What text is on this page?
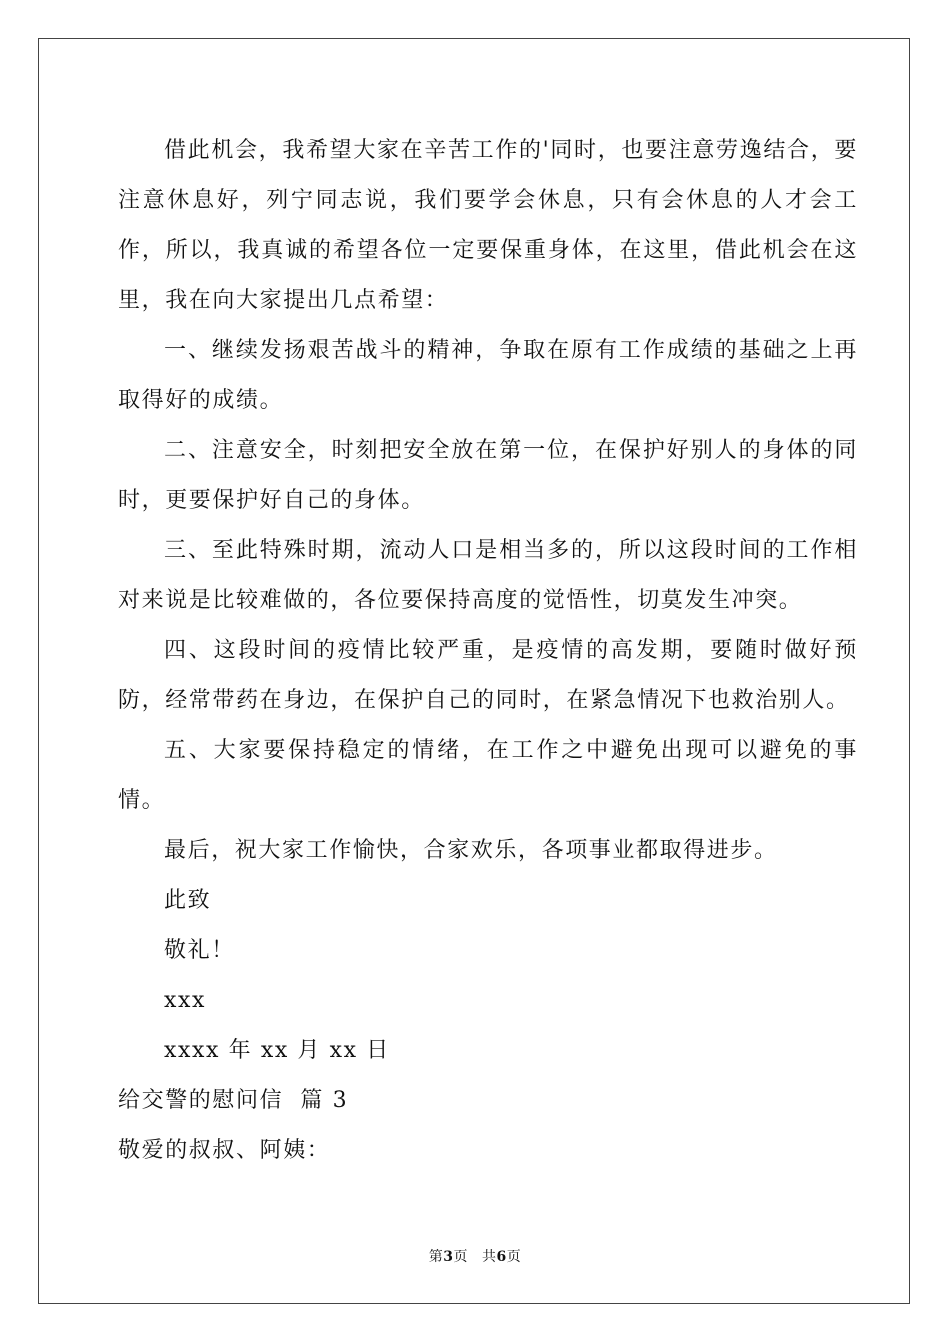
借此机会，我希望大家在辛苦工作的'同时，也要注意劳逸结合，要注意休息好，列宁同志说，我们要学会休息，只有会休息的人才会工作，所以，我真诚的希望各位一定要保重身体，在这里，借此机会在这里，我在向大家提出几点希望：

一、继续发扬艰苦战斗的精神，争取在原有工作成绩的基础之上再取得好的成绩。

二、注意安全，时刻把安全放在第一位，在保护好别人的身体的同时，更要保护好自己的身体。

三、至此特殊时期，流动人口是相当多的，所以这段时间的工作相对来说是比较难做的，各位要保持高度的觉悟性，切莫发生冲突。

四、这段时间的疫情比较严重，是疫情的高发期，要随时做好预防，经常带药在身边，在保护自己的同时，在紧急情况下也救治别人。

五、大家要保持稳定的情绪，在工作之中避免出现可以避免的事情。

最后，祝大家工作愉快，合家欢乐，各项事业都取得进步。

此致

敬礼！

xxx

xxxx 年 xx 月 xx 日

给交警的慰问信  篇 3

敬爱的叔叔、阿姨：

第3页 共6页
